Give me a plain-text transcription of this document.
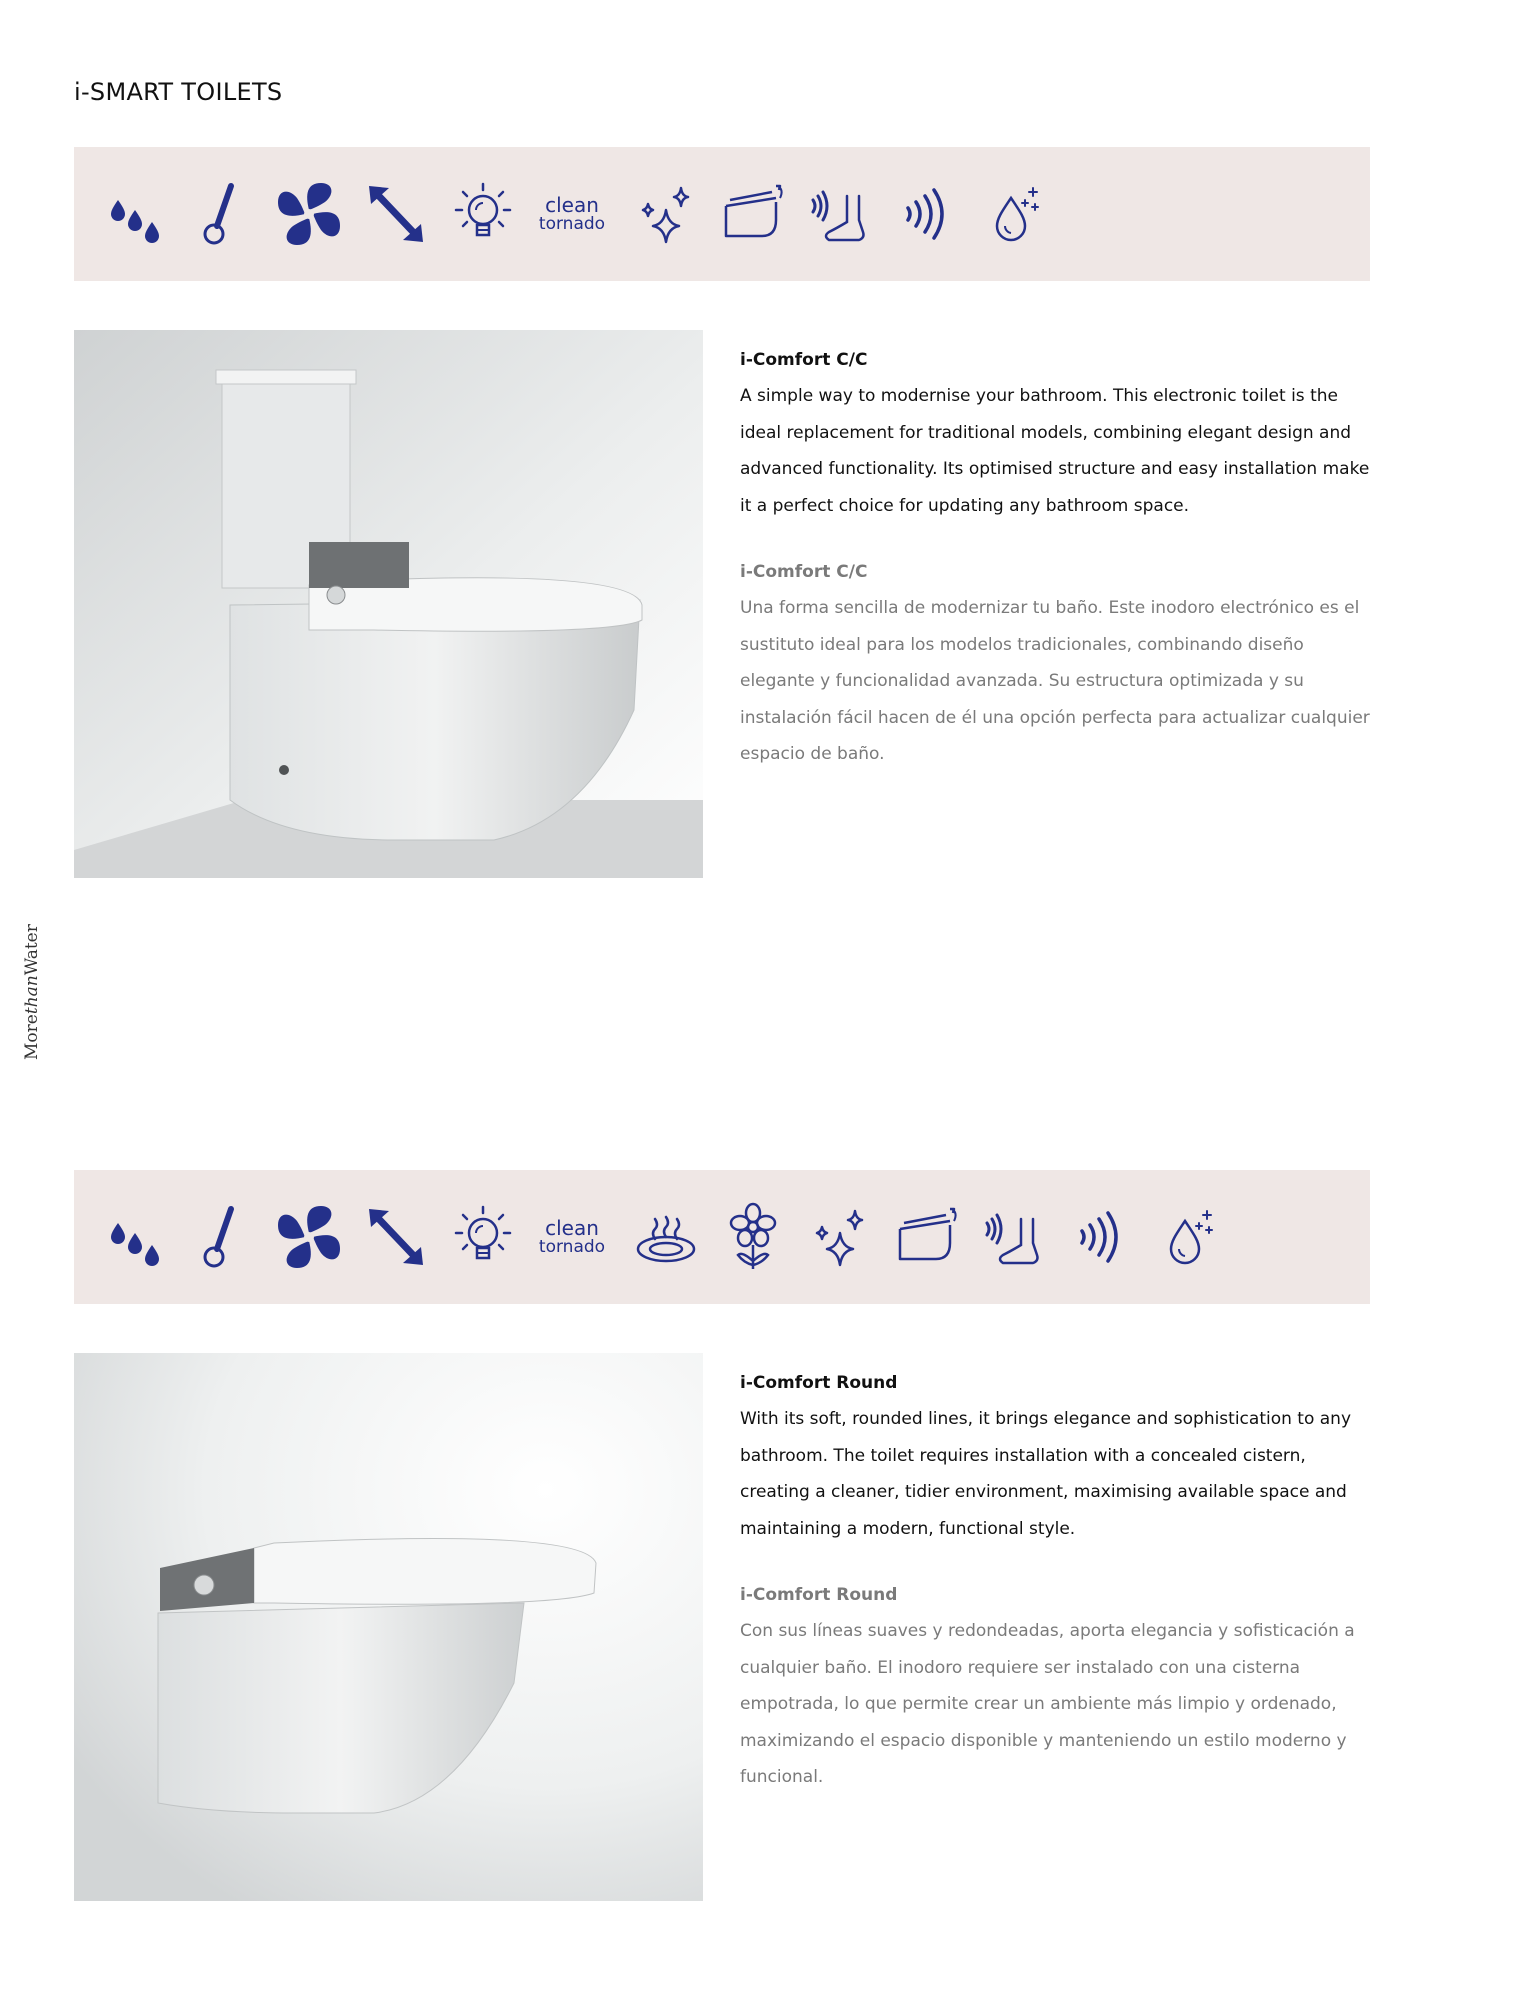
i-SMART TOILETS
MorethanWater
clean
tornado
i-Comfort C/C

A simple way to modernise your bathroom. This electronic toilet is the ideal replacement for traditional models, combining elegant design and advanced functionality. Its optimised structure and easy installation make it a perfect choice for updating any bathroom space.

i-Comfort C/C

Una forma sencilla de modernizar tu baño. Este inodoro electrónico es el sustituto ideal para los modelos tradicionales, combinando diseño elegante y funcionalidad avanzada. Su estructura optimizada y su instalación fácil hacen de él una opción perfecta para actualizar cualquier espacio de baño.

clean
tornado
i-Comfort Round

With its soft, rounded lines, it brings elegance and sophistication to any bathroom. The toilet requires installation with a concealed cistern, creating a cleaner, tidier environment, maximising available space and maintaining a modern, functional style.

i-Comfort Round

Con sus líneas suaves y redondeadas, aporta elegancia y sofisticación a cualquier baño. El inodoro requiere ser instalado con una cisterna empotrada, lo que permite crear un ambiente más limpio y ordenado, maximizando el espacio disponible y manteniendo un estilo moderno y funcional.
